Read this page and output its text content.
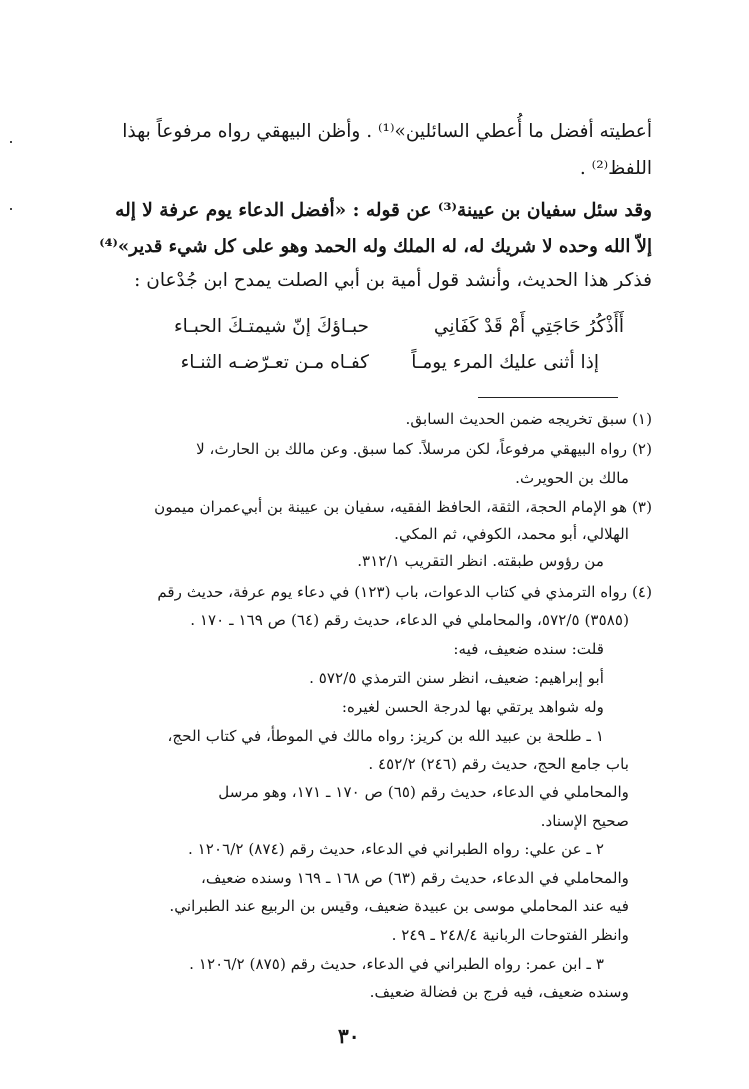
أعطيته أفضل ما أُعطي السائلين»⁽¹⁾ . وأظن البيهقي رواه مرفوعاً بهذا
اللفظ⁽²⁾ .
وقد سئل سفيان بن عيينة⁽³⁾ عن قوله : «أفضل الدعاء يوم عرفة لا إله
إلاّ الله وحده لا شريك له، له الملك وله الحمد وهو على كل شيء قدير»⁽⁴⁾
فذكر هذا الحديث، وأنشد قول أمية بن أبي الصلت يمدح ابن جُدْعان :
أَأَذْكُرُ حَاجَتِي أَمْ قَدْ كَفَانِي
حبـاؤكَ إنّ شيمتـكَ الحبـاء
إذا أثنى عليك المرء يومـاً
كفـاه مـن تعـرّضـه الثنـاء
(١) سبق تخريجه ضمن الحديث السابق.
(٢) رواه البيهقي مرفوعاً، لكن مرسلاً. كما سبق. وعن مالك بن الحارث، لا
مالك بن الحويرث.
(٣) هو الإمام الحجة، الثقة، الحافظ الفقيه، سفيان بن عيينة بن أبي‌عمران ميمون
الهلالي، أبو محمد، الكوفي، ثم المكي.
من رؤوس طبقته. انظر التقريب ٣١٢/١.
(٤) رواه الترمذي في كتاب الدعوات، باب (١٢٣) في دعاء يوم عرفة، حديث رقم
(٣٥٨٥) ٥٧٢/٥، والمحاملي في الدعاء، حديث رقم (٦٤) ص ١٦٩ ـ ١٧٠ .
قلت: سنده ضعيف، فيه:
أبو إبراهيم: ضعيف، انظر سنن الترمذي ٥٧٢/٥ .
وله شواهد يرتقي بها لدرجة الحسن لغيره:
١ ـ طلحة بن عبيد الله بن كريز: رواه مالك في الموطأ، في كتاب الحج،
باب جامع الحج، حديث رقم (٢٤٦) ٤٥٢/٢ .
والمحاملي في الدعاء، حديث رقم (٦٥) ص ١٧٠ ـ ١٧١، وهو مرسل
صحيح الإسناد.
٢ ـ عن علي: رواه الطبراني في الدعاء، حديث رقم (٨٧٤) ١٢٠٦/٢ .
والمحاملي في الدعاء، حديث رقم (٦٣) ص ١٦٨ ـ ١٦٩ وسنده ضعيف،
فيه عند المحاملي موسى بن عبيدة ضعيف، وقيس بن الربيع عند الطبراني.
وانظر الفتوحات الربانية ٢٤٨/٤ ـ ٢٤٩ .
٣ ـ ابن عمر: رواه الطبراني في الدعاء، حديث رقم (٨٧٥) ١٢٠٦/٢ .
وسنده ضعيف، فيه فرج بن فضالة ضعيف.
٣٠
